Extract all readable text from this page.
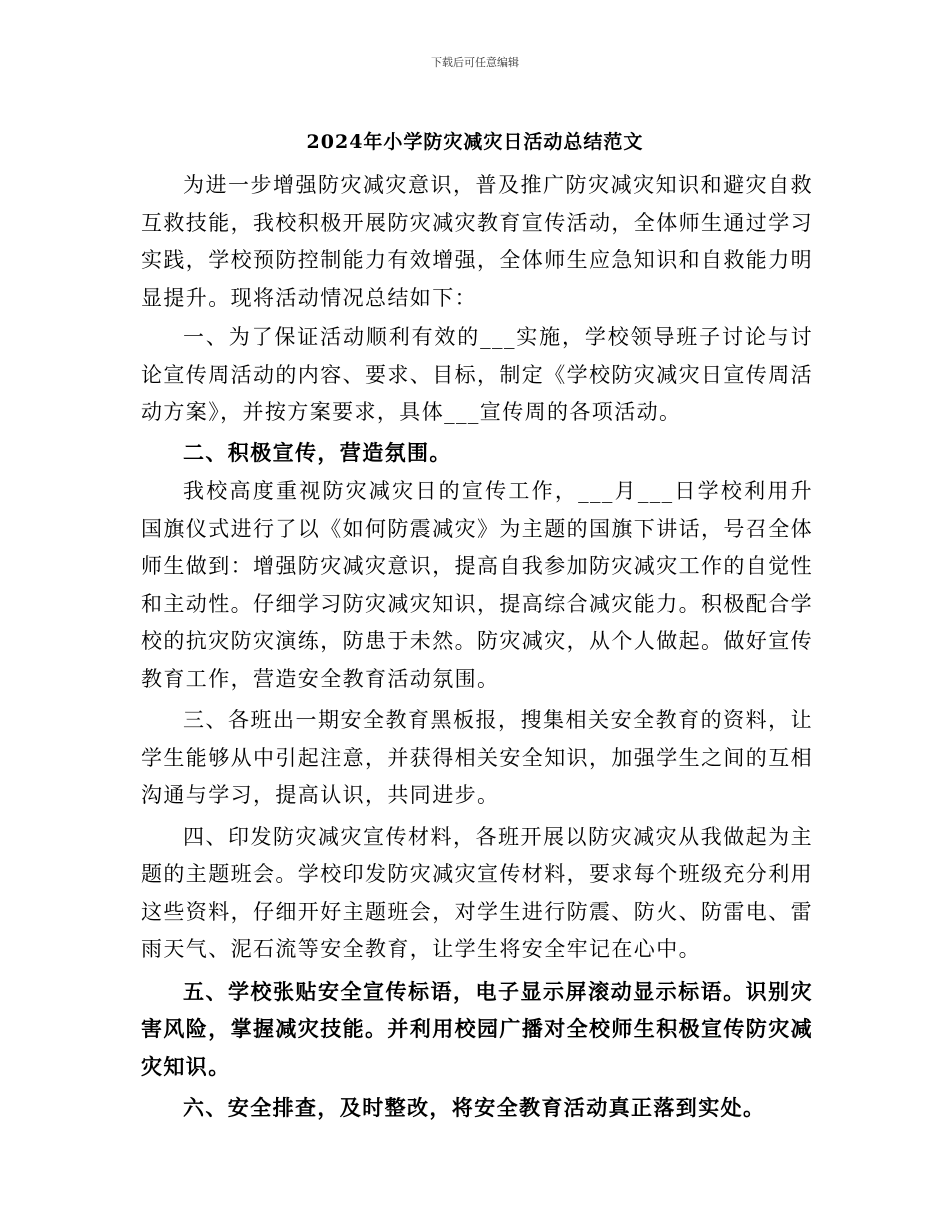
下载后可任意编辑
2024年小学防灾减灾日活动总结范文

为进一步增强防灾减灾意识，普及推广防灾减灾知识和避灾自救互救技能，我校积极开展防灾减灾教育宣传活动，全体师生通过学习实践，学校预防控制能力有效增强，全体师生应急知识和自救能力明显提升。现将活动情况总结如下：

一、为了保证活动顺利有效的___实施，学校领导班子讨论与讨论宣传周活动的内容、要求、目标，制定《学校防灾减灾日宣传周活动方案》，并按方案要求，具体___宣传周的各项活动。

二、积极宣传，营造氛围。

我校高度重视防灾减灾日的宣传工作，___月___日学校利用升国旗仪式进行了以《如何防震减灾》为主题的国旗下讲话，号召全体师生做到：增强防灾减灾意识，提高自我参加防灾减灾工作的自觉性和主动性。仔细学习防灾减灾知识，提高综合减灾能力。积极配合学校的抗灾防灾演练，防患于未然。防灾减灾，从个人做起。做好宣传教育工作，营造安全教育活动氛围。

三、各班出一期安全教育黑板报，搜集相关安全教育的资料，让学生能够从中引起注意，并获得相关安全知识，加强学生之间的互相沟通与学习，提高认识，共同进步。

四、印发防灾减灾宣传材料，各班开展以防灾减灾从我做起为主题的主题班会。学校印发防灾减灾宣传材料，要求每个班级充分利用这些资料，仔细开好主题班会，对学生进行防震、防火、防雷电、雷雨天气、泥石流等安全教育，让学生将安全牢记在心中。

五、学校张贴安全宣传标语，电子显示屏滚动显示标语。识别灾害风险，掌握减灾技能。并利用校园广播对全校师生积极宣传防灾减灾知识。

六、安全排查，及时整改，将安全教育活动真正落到实处。
